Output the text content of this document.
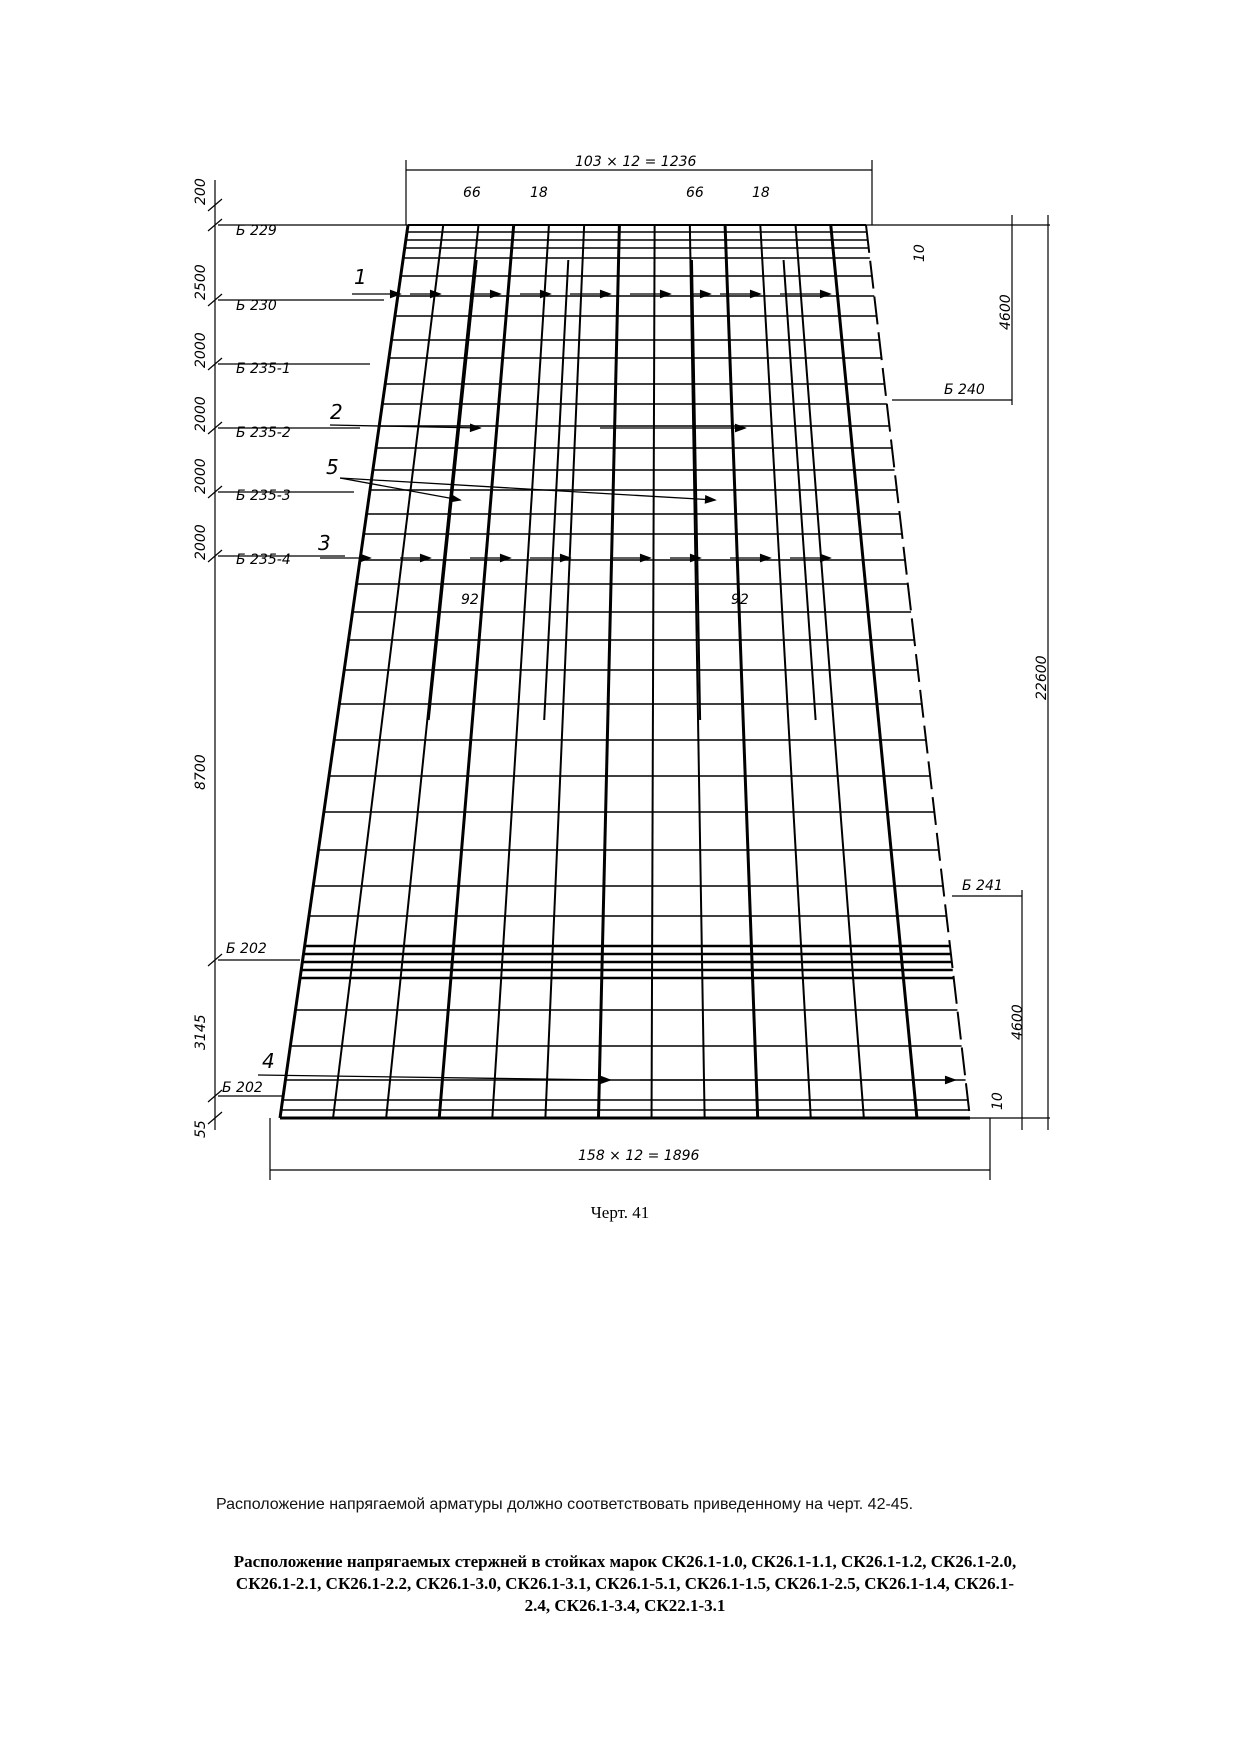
103 × 12 = 1236
66	18	66	18
92	92
Б 229
Б 230
Б 235-1
Б 235-2
Б 235-3
Б 235-4
Б 202
Б 202
Б 240
Б 241
1
2
5
3
4
158 × 12 = 1896
200
2500
2000
2000
2000
2000
8700
3145
55
10
4600
22600
4600
10
Черт. 41
Расположение напрягаемой арматуры должно соответствовать приведенному на черт. 42-45.
Расположение напрягаемых стержней в стойках марок СК26.1-1.0, СК26.1-1.1, СК26.1-1.2, СК26.1-2.0, СК26.1-2.1, СК26.1-2.2, СК26.1-3.0, СК26.1-3.1, СК26.1-5.1, СК26.1-1.5, СК26.1-2.5, СК26.1-1.4, СК26.1-2.4, СК26.1-3.4, СК22.1-3.1
